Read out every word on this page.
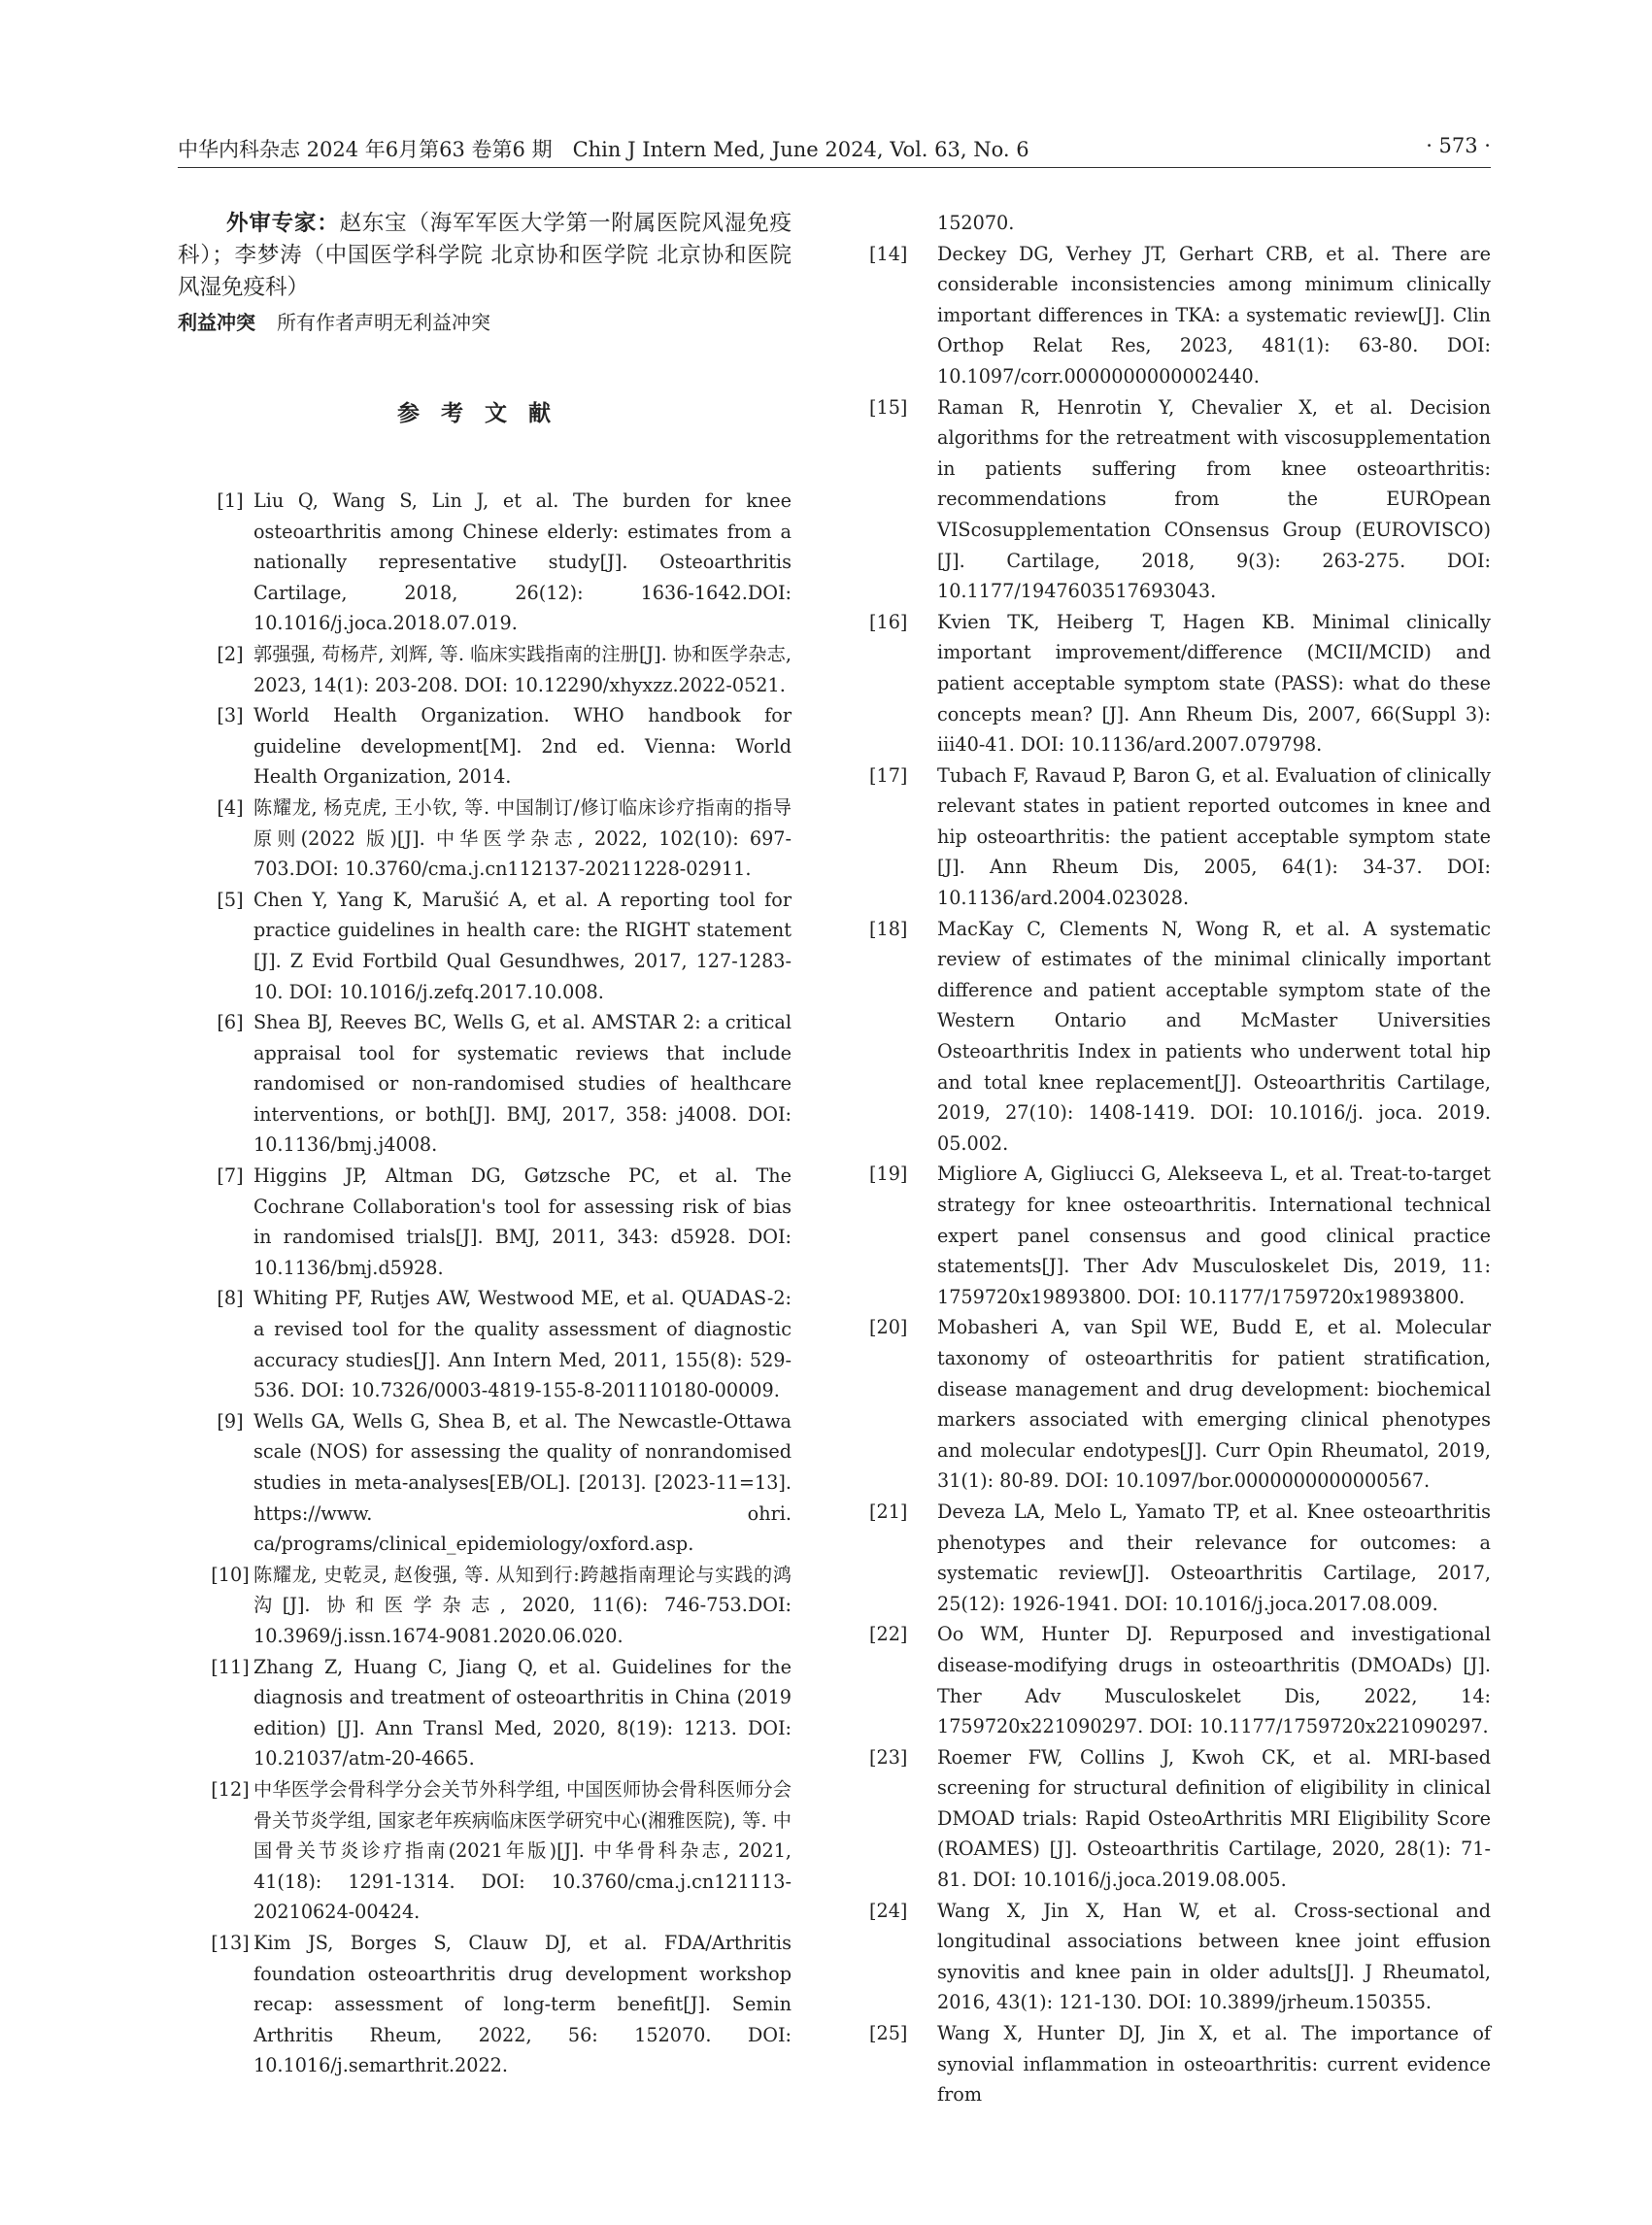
中华内科杂志 2024 年6月第63 卷第6 期　Chin J Intern Med, June 2024, Vol. 63, No. 6	· 573 ·
外审专家：赵东宝（海军军医大学第一附属医院风湿免疫科）；李梦涛（中国医学科学院 北京协和医学院 北京协和医院风湿免疫科）
利益冲突 所有作者声明无利益冲突
参考文献
[1] Liu Q, Wang S, Lin J, et al. The burden for knee osteoarthritis among Chinese elderly: estimates from a nationally representative study[J]. Osteoarthritis Cartilage, 2018, 26(12): 1636-1642.DOI: 10.1016/j.joca.2018.07.019.
[2] 郭强强, 苟杨芹, 刘辉, 等. 临床实践指南的注册[J]. 协和医学杂志, 2023, 14(1): 203-208. DOI: 10.12290/xhyxzz.2022-0521.
[3] World Health Organization. WHO handbook for guideline development[M]. 2nd ed. Vienna: World Health Organization, 2014.
[4] 陈耀龙, 杨克虎, 王小钦, 等. 中国制订/修订临床诊疗指南的指导原则(2022 版)[J]. 中华医学杂志, 2022, 102(10): 697-703.DOI: 10.3760/cma.j.cn112137-20211228-02911.
[5] Chen Y, Yang K, Marušić A, et al. A reporting tool for practice guidelines in health care: the RIGHT statement [J]. Z Evid Fortbild Qual Gesundhwes, 2017, 127-1283-10. DOI: 10.1016/j.zefq.2017.10.008.
[6] Shea BJ, Reeves BC, Wells G, et al. AMSTAR 2: a critical appraisal tool for systematic reviews that include randomised or non-randomised studies of healthcare interventions, or both[J]. BMJ, 2017, 358: j4008. DOI: 10.1136/bmj.j4008.
[7] Higgins JP, Altman DG, Gøtzsche PC, et al. The Cochrane Collaboration's tool for assessing risk of bias in randomised trials[J]. BMJ, 2011, 343: d5928. DOI: 10.1136/bmj.d5928.
[8] Whiting PF, Rutjes AW, Westwood ME, et al. QUADAS-2: a revised tool for the quality assessment of diagnostic accuracy studies[J]. Ann Intern Med, 2011, 155(8): 529-536. DOI: 10.7326/0003-4819-155-8-201110180-00009.
[9] Wells GA, Wells G, Shea B, et al. The Newcastle-Ottawa scale (NOS) for assessing the quality of nonrandomised studies in meta-analyses[EB/OL]. [2013]. [2023-11=13]. https://www. ohri. ca/programs/clinical_epidemiology/oxford.asp.
[10] 陈耀龙, 史乾灵, 赵俊强, 等. 从知到行:跨越指南理论与实践的鸿沟[J]. 协和医学杂志, 2020, 11(6): 746-753.DOI: 10.3969/j.issn.1674-9081.2020.06.020.
[11] Zhang Z, Huang C, Jiang Q, et al. Guidelines for the diagnosis and treatment of osteoarthritis in China (2019 edition) [J]. Ann Transl Med, 2020, 8(19): 1213. DOI: 10.21037/atm-20-4665.
[12] 中华医学会骨科学分会关节外科学组, 中国医师协会骨科医师分会骨关节炎学组, 国家老年疾病临床医学研究中心(湘雅医院), 等. 中国骨关节炎诊疗指南(2021年版)[J]. 中华骨科杂志, 2021, 41(18): 1291-1314. DOI: 10.3760/cma.j.cn121113-20210624-00424.
[13] Kim JS, Borges S, Clauw DJ, et al. FDA/Arthritis foundation osteoarthritis drug development workshop recap: assessment of long-term benefit[J]. Semin Arthritis Rheum, 2022, 56: 152070. DOI: 10.1016/j.semarthrit.2022.
152070.
[14]	Deckey DG, Verhey JT, Gerhart CRB, et al. There are considerable inconsistencies among minimum clinically important differences in TKA: a systematic review[J]. Clin Orthop Relat Res, 2023, 481(1): 63-80. DOI: 10.1097/corr.0000000000002440.
[15]	Raman R, Henrotin Y, Chevalier X, et al. Decision algorithms for the retreatment with viscosupplementation in patients suffering from knee osteoarthritis: recommendations from the EUROpean VIScosupplementation COnsensus Group (EUROVISCO) [J]. Cartilage, 2018, 9(3): 263-275. DOI: 10.1177/1947603517693043.
[16]	Kvien TK, Heiberg T, Hagen KB. Minimal clinically important improvement/difference (MCII/MCID) and patient acceptable symptom state (PASS): what do these concepts mean? [J]. Ann Rheum Dis, 2007, 66(Suppl 3): iii40-41. DOI: 10.1136/ard.2007.079798.
[17]	Tubach F, Ravaud P, Baron G, et al. Evaluation of clinically relevant states in patient reported outcomes in knee and hip osteoarthritis: the patient acceptable symptom state [J]. Ann Rheum Dis, 2005, 64(1): 34-37. DOI: 10.1136/ard.2004.023028.
[18]	MacKay C, Clements N, Wong R, et al. A systematic review of estimates of the minimal clinically important difference and patient acceptable symptom state of the Western Ontario and McMaster Universities Osteoarthritis Index in patients who underwent total hip and total knee replacement[J]. Osteoarthritis Cartilage, 2019, 27(10): 1408-1419. DOI: 10.1016/j. joca. 2019. 05.002.
[19]	Migliore A, Gigliucci G, Alekseeva L, et al. Treat-to-target strategy for knee osteoarthritis. International technical expert panel consensus and good clinical practice statements[J]. Ther Adv Musculoskelet Dis, 2019, 11: 1759720x19893800. DOI: 10.1177/1759720x19893800.
[20]	Mobasheri A, van Spil WE, Budd E, et al. Molecular taxonomy of osteoarthritis for patient stratification, disease management and drug development: biochemical markers associated with emerging clinical phenotypes and molecular endotypes[J]. Curr Opin Rheumatol, 2019, 31(1): 80-89. DOI: 10.1097/bor.0000000000000567.
[21]	Deveza LA, Melo L, Yamato TP, et al. Knee osteoarthritis phenotypes and their relevance for outcomes: a systematic review[J]. Osteoarthritis Cartilage, 2017, 25(12): 1926-1941. DOI: 10.1016/j.joca.2017.08.009.
[22]	Oo WM, Hunter DJ. Repurposed and investigational disease-modifying drugs in osteoarthritis (DMOADs) [J]. Ther Adv Musculoskelet Dis, 2022, 14: 1759720x221090297. DOI: 10.1177/1759720x221090297.
[23]	Roemer FW, Collins J, Kwoh CK, et al. MRI-based screening for structural definition of eligibility in clinical DMOAD trials: Rapid OsteoArthritis MRI Eligibility Score (ROAMES) [J]. Osteoarthritis Cartilage, 2020, 28(1): 71-81. DOI: 10.1016/j.joca.2019.08.005.
[24]	Wang X, Jin X, Han W, et al. Cross-sectional and longitudinal associations between knee joint effusion synovitis and knee pain in older adults[J]. J Rheumatol, 2016, 43(1): 121-130. DOI: 10.3899/jrheum.150355.
[25]	Wang X, Hunter DJ, Jin X, et al. The importance of synovial inflammation in osteoarthritis: current evidence from
